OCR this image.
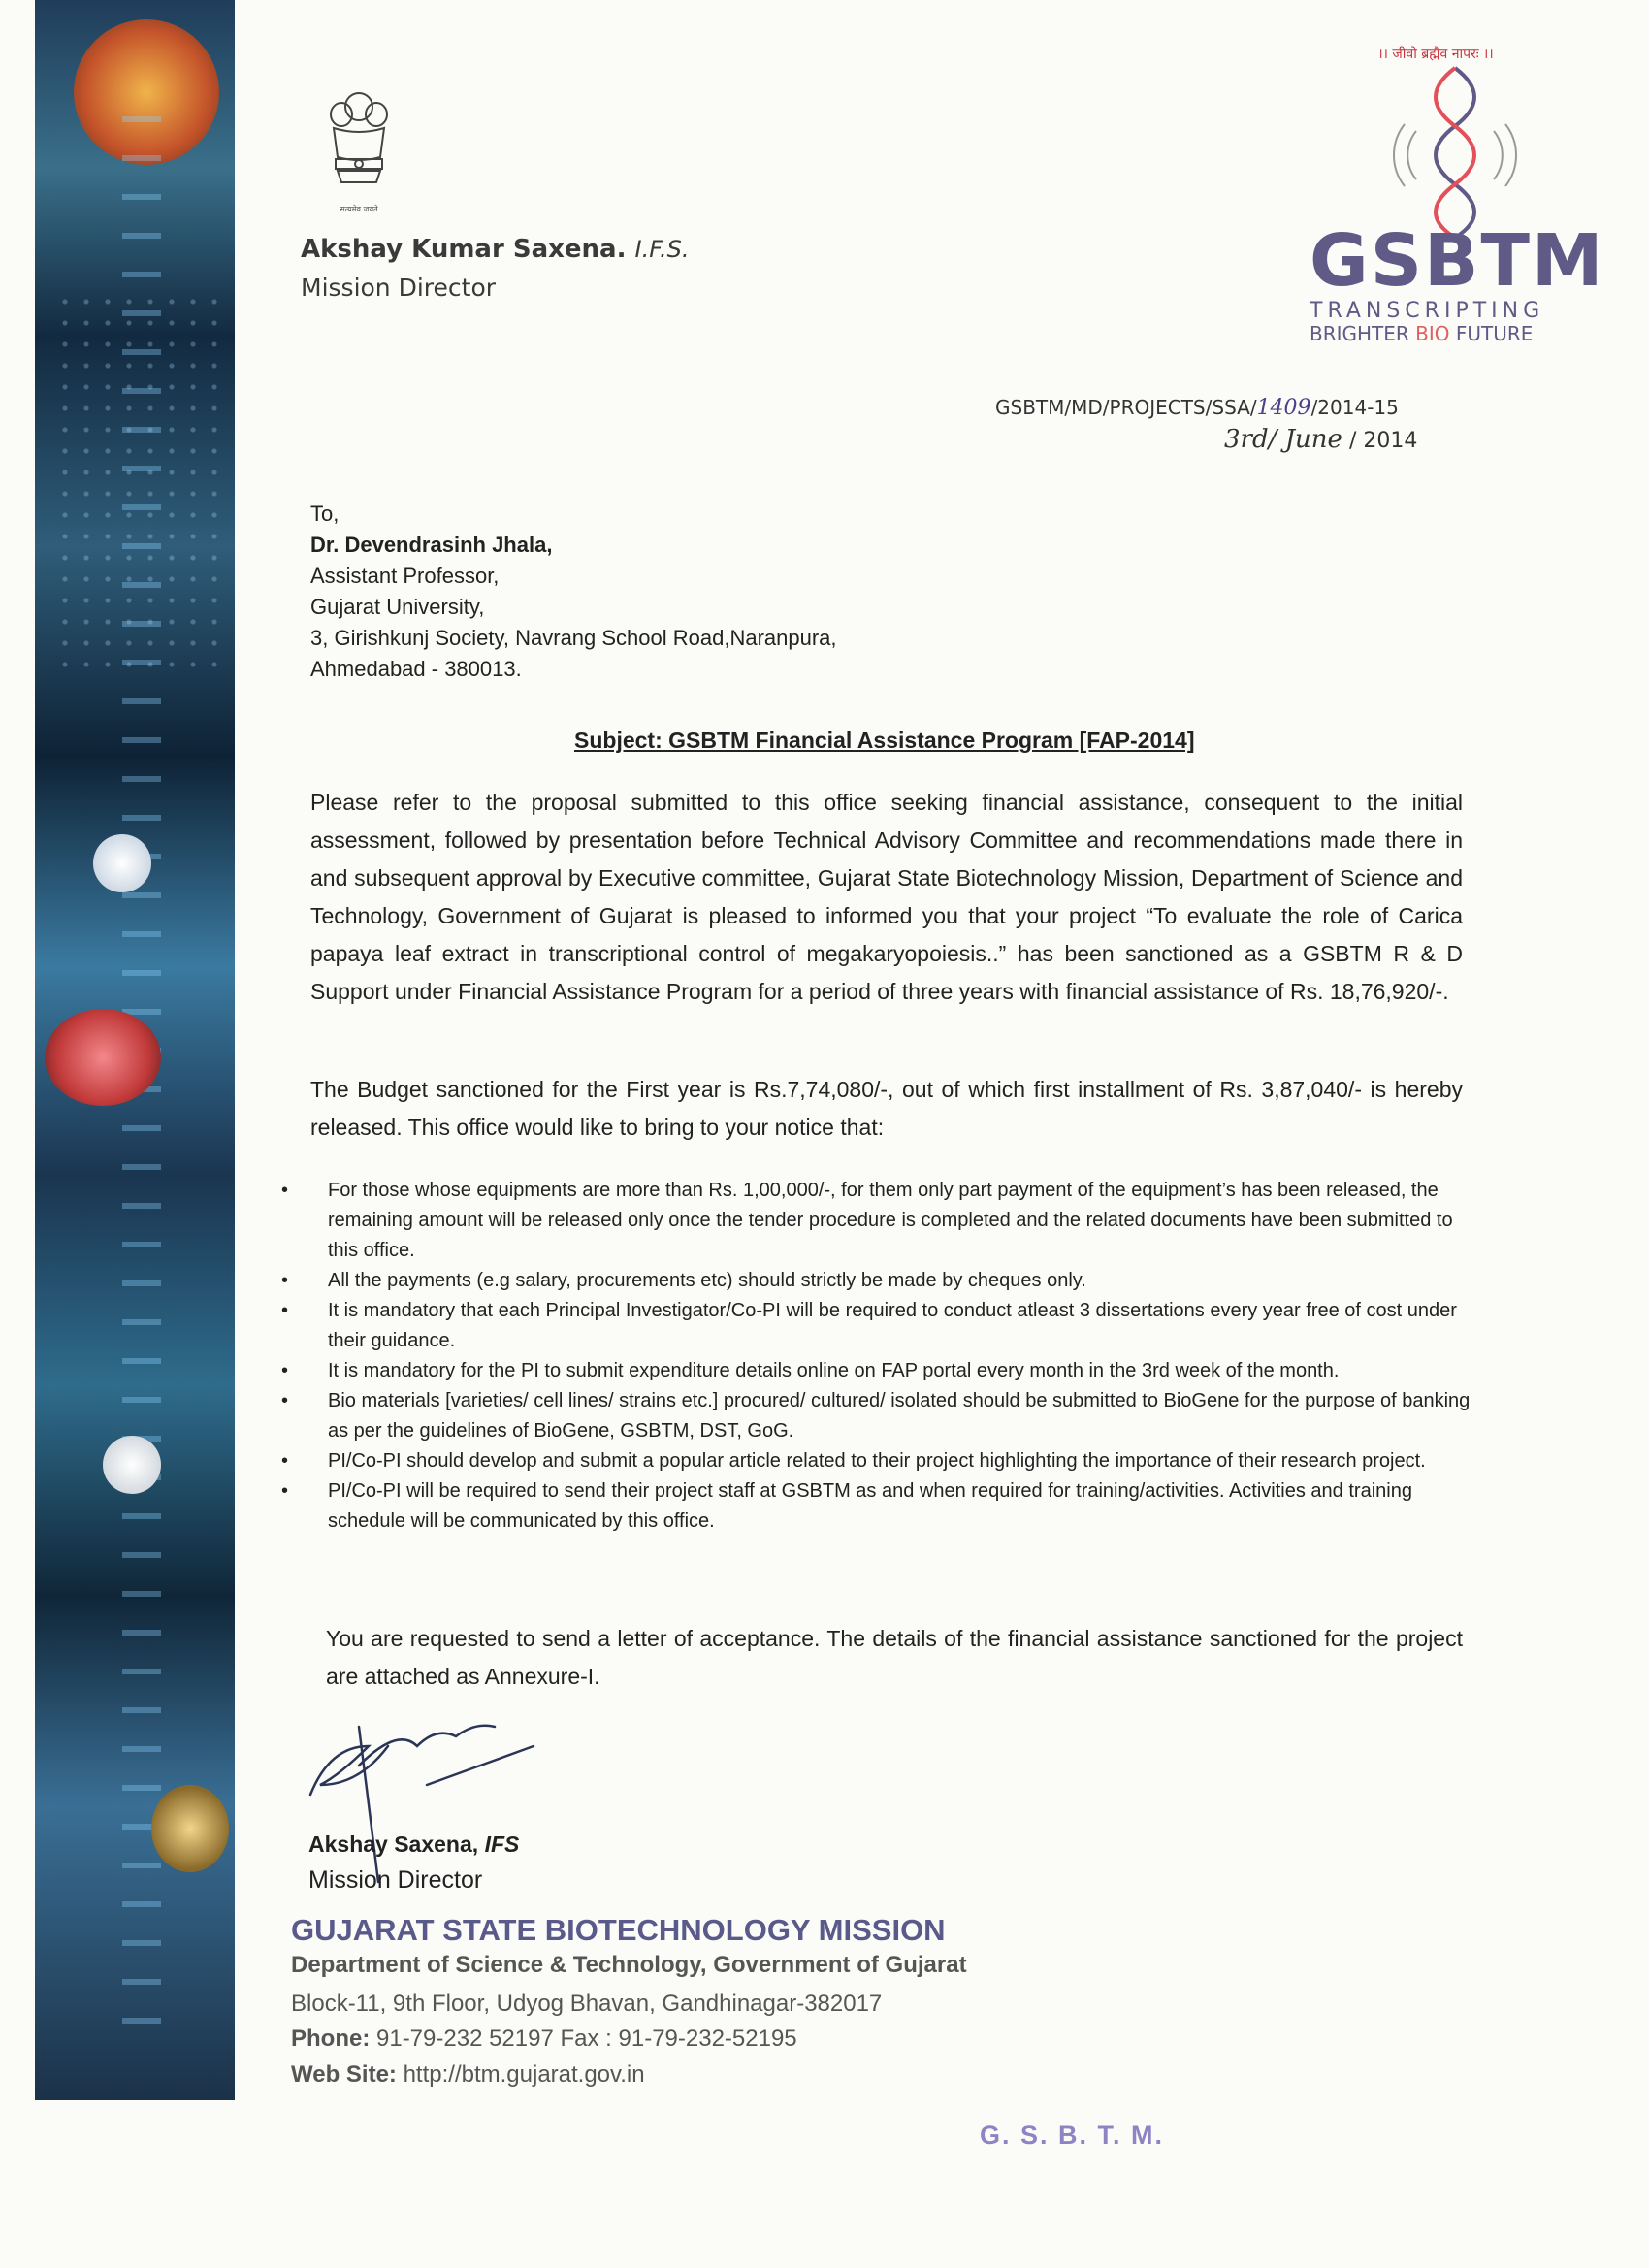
सत्यमेव जयते
Akshay Kumar Saxena. I.F.S.
Mission Director
।। जीवो ब्रह्मैव नापरः ।।
GSBTM
TRANSCRIPTING
BRIGHTER BIO FUTURE
GSBTM/MD/PROJECTS/SSA/1409/2014-15
3rd/ June / 2014
To,
Dr. Devendrasinh Jhala,
Assistant Professor,
Gujarat University,
3, Girishkunj Society, Navrang School Road,Naranpura,
Ahmedabad - 380013.
Subject: GSBTM Financial Assistance Program [FAP-2014]
Please refer to the proposal submitted to this office seeking financial assistance, consequent to the initial assessment, followed by presentation before Technical Advisory Committee and recommendations made there in and subsequent approval by Executive committee, Gujarat State Biotechnology Mission, Department of Science and Technology, Government of Gujarat is pleased to informed you that your project “To evaluate the role of Carica papaya leaf extract in transcriptional control of megakaryopoiesis..” has been sanctioned as a GSBTM R & D Support under Financial Assistance Program for a period of three years with financial assistance of Rs. 18,76,920/-.
The Budget sanctioned for the First year is Rs.7,74,080/-, out of which first installment of Rs. 3,87,040/- is hereby released. This office would like to bring to your notice that:
• For those whose equipments are more than Rs. 1,00,000/-, for them only part payment of the equipment’s has been released, the remaining amount will be released only once the tender procedure is completed and the related documents have been submitted to this office.
• All the payments (e.g salary, procurements etc) should strictly be made by cheques only.
• It is mandatory that each Principal Investigator/Co-PI will be required to conduct atleast 3 dissertations every year free of cost under their guidance.
• It is mandatory for the PI to submit expenditure details online on FAP portal every month in the 3rd week of the month.
• Bio materials [varieties/ cell lines/ strains etc.] procured/ cultured/ isolated should be submitted to BioGene for the purpose of banking as per the guidelines of BioGene, GSBTM, DST, GoG.
• PI/Co-PI should develop and submit a popular article related to their project highlighting the importance of their research project.
• PI/Co-PI will be required to send their project staff at GSBTM as and when required for training/activities. Activities and training schedule will be communicated by this office.
You are requested to send a letter of acceptance. The details of the financial assistance sanctioned for the project are attached as Annexure-I.
Akshay Saxena, IFS
Mission Director
GUJARAT STATE BIOTECHNOLOGY MISSION
Department of Science & Technology, Government of Gujarat
Block-11, 9th Floor, Udyog Bhavan, Gandhinagar-382017
Phone: 91-79-232 52197 Fax : 91-79-232-52195
Web Site: http://btm.gujarat.gov.in
G. S. B. T. M.
